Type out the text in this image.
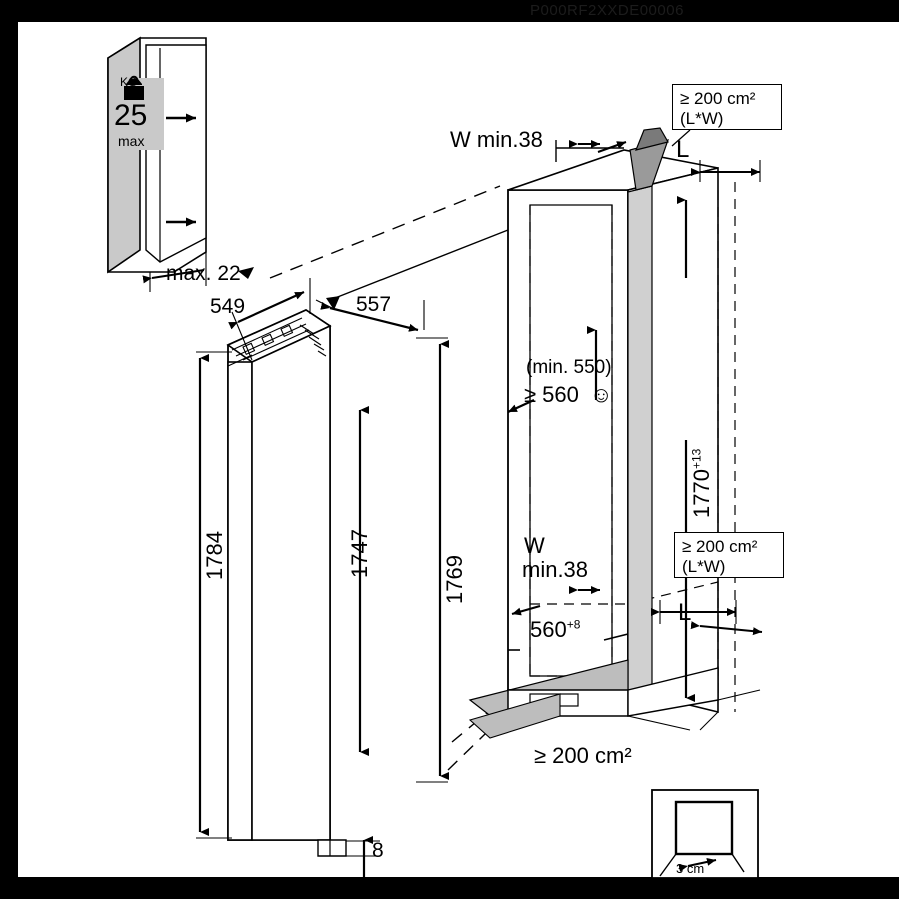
P000RF2XXDE00006
KG
25
max
max. 22
549	557
1784	1747
1769
8
W min.38	L
L
≥ 200 cm²
(L*W)
≥ 200 cm²
(L*W)
(min. 550)
≥ 560 ☺
W
min.38
$560^{+8}$
$1770^{+13}$
≥ 200 cm²
3 cm
e i 65 Hz
